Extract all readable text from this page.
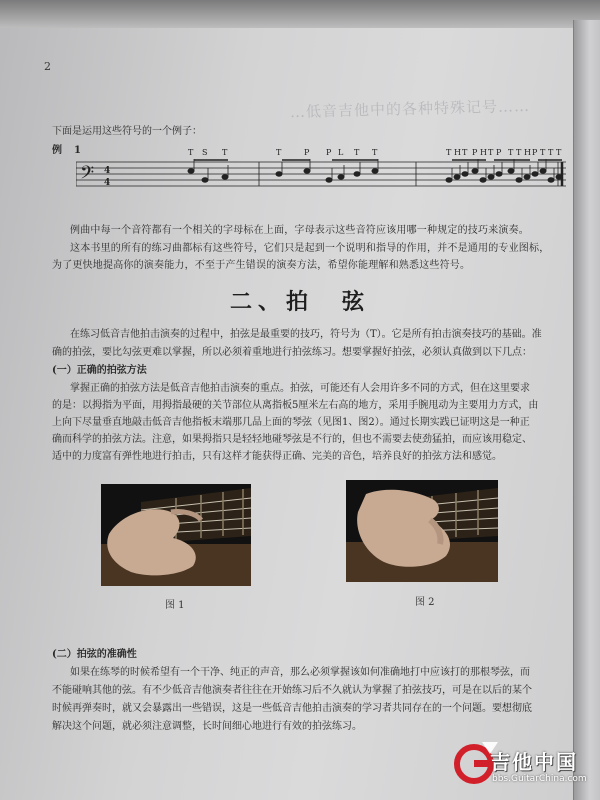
2
…低音吉他中的各种特殊记号……
下面是运用这些符号的一个例子：
例 1
𝄢 4
4
T S T	T	P P L T T	T H T P H T P T T H P T T T
例曲中每一个音符都有一个相关的字母标在上面，字母表示这些音符应该用哪一种规定的技巧来演奏。
这本书里的所有的练习曲都标有这些符号，它们只是起到一个说明和指导的作用，并不是通用的专业图标，
为了更快地提高你的演奏能力，不至于产生错误的演奏方法，希望你能理解和熟悉这些符号。
二、拍　弦
在练习低音吉他拍击演奏的过程中，拍弦是最重要的技巧，符号为（T）。它是所有拍击演奏技巧的基础。准
确的拍弦，要比勾弦更难以掌握，所以必须着重地进行拍弦练习。想要掌握好拍弦，必须认真做到以下几点：
(一）正确的拍弦方法
掌握正确的拍弦方法是低音吉他拍击演奏的重点。拍弦，可能还有人会用许多不同的方式，但在这里要求
的是：以拇指为平面，用拇指最硬的关节部位从离指板5厘米左右高的地方，采用手腕甩动为主要用力方式，由
上向下尽量垂直地敲击低音吉他指板末端那几品上面的琴弦（见图1、图2）。通过长期实践已证明这是一种正
确而科学的拍弦方法。注意，如果拇指只是轻轻地碰琴弦是不行的，但也不需要去使劲猛拍，而应该用稳定、
适中的力度富有弹性地进行拍击，只有这样才能获得正确、完美的音色，培养良好的拍弦方法和感觉。
图 1	图 2
(二）拍弦的准确性
如果在练琴的时候希望有一个干净、纯正的声音，那么必须掌握该如何准确地打中应该打的那根琴弦，而
不能碰响其他的弦。有不少低音吉他演奏者往往在开始练习后不久就认为掌握了拍弦技巧，可是在以后的某个
时候再弹奏时，就又会暴露出一些错误，这是一些低音吉他拍击演奏的学习者共同存在的一个问题。要想彻底
解决这个问题，就必须注意调整，长时间细心地进行有效的拍弦练习。
吉他中国
bbs.GuitarChina.com
